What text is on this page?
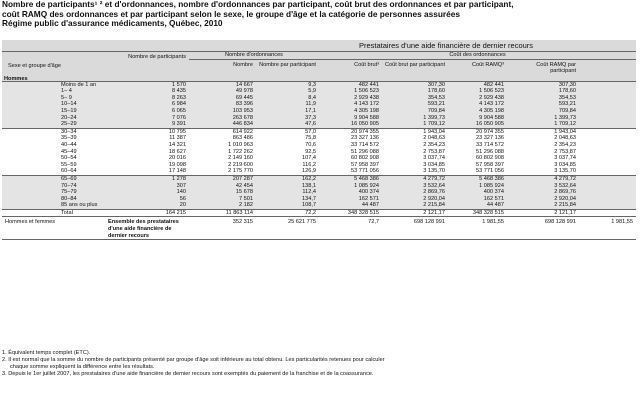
Nombre de participants¹ ² et d'ordonnances, nombre d'ordonnances par participant, coût brut des ordonnances et par participant,
coût RAMQ des ordonnances et par participant selon le sexe, le groupe d'âge et la catégorie de personnes assurées
Régime public d'assurance médicaments, Québec, 2010
			Prestataires d'une aide financière de dernier recours					
Sexe et groupe d'âge	Nombre de participants	Nombre d'ordonnances		Coût des ordonnances				
		Nombre	Nombre par participant	Coût brut³	Coût brut par participant	Coût RAMQ³	Coût RAMQ par participant	

Hommes
Moins de 1 an	1 570	14 667	9,3	482 441	307,30	482 441	307,30	
1– 4	8 435	49 978	5,9	1 506 523	178,60	1 506 523	178,60	
5– 9	8 263	69 445	8,4	2 929 438	354,53	2 929 438	354,53	
10–14	6 984	83 396	11,9	4 143 172	593,21	4 143 172	593,21	
15–19	6 065	103 953	17,1	4 305 198	709,84	4 305 198	709,84	
20–24	7 076	263 678	37,3	9 904 588	1 399,73	9 904 588	1 399,73	
25–29	9 391	446 834	47,6	16 050 905	1 709,12	16 050 905	1 709,12	
30–34	10 795	614 922	57,0	20 974 355	1 943,04	20 974 355	1 943,04	
35–39	11 387	863 486	75,8	23 327 136	2 048,63	23 327 136	2 048,63	
40–44	14 321	1 010 963	70,6	33 714 572	2 354,23	33 714 572	2 354,23	
45–49	18 627	1 722 262	92,5	51 296 088	2 753,87	51 296 088	2 753,87	
50–54	20 016	2 149 160	107,4	60 802 908	3 037,74	60 802 908	3 037,74	
55–59	19 098	2 219 600	116,2	57 958 397	3 034,85	57 958 397	3 034,85	
60–64	17 148	2 175 770	126,9	53 771 056	3 135,70	53 771 056	3 135,70	
65–69	1 278	207 287	162,2	5 468 386	4 279,72	5 468 386	4 279,72	
70–74	307	42 454	138,1	1 085 924	3 532,64	1 085 924	3 532,64	
75–79	140	15 678	112,4	400 374	2 869,76	400 374	2 869,76	
80–84	56	7 501	134,7	162 571	2 920,04	162 571	2 920,04	
85 ans ou plus	20	2 182	108,7	44 487	2 215,84	44 487	2 215,84	
Total	164 215	11 863 114	72,2	348 328 515	2 121,17	348 328 515	2 121,17	

Hommes et femmes	Ensemble des prestataires d'une aide financière de dernier recours	352 315	25 621 775	72,7	698 128 991	1 981,55	698 128 991	1 981,55
1. Équivalent temps complet (ETC).
2. Il est normal que la somme du nombre de participants présenté par groupe d'âge soit inférieure au total obtenu. Les particularités retenues pour calculer
chaque somme expliquent la différence entre les résultats.
3. Depuis le 1er juillet 2007, les prestataires d'une aide financière de dernier recours sont exemptés du paiement de la franchise et de la coassurance.
